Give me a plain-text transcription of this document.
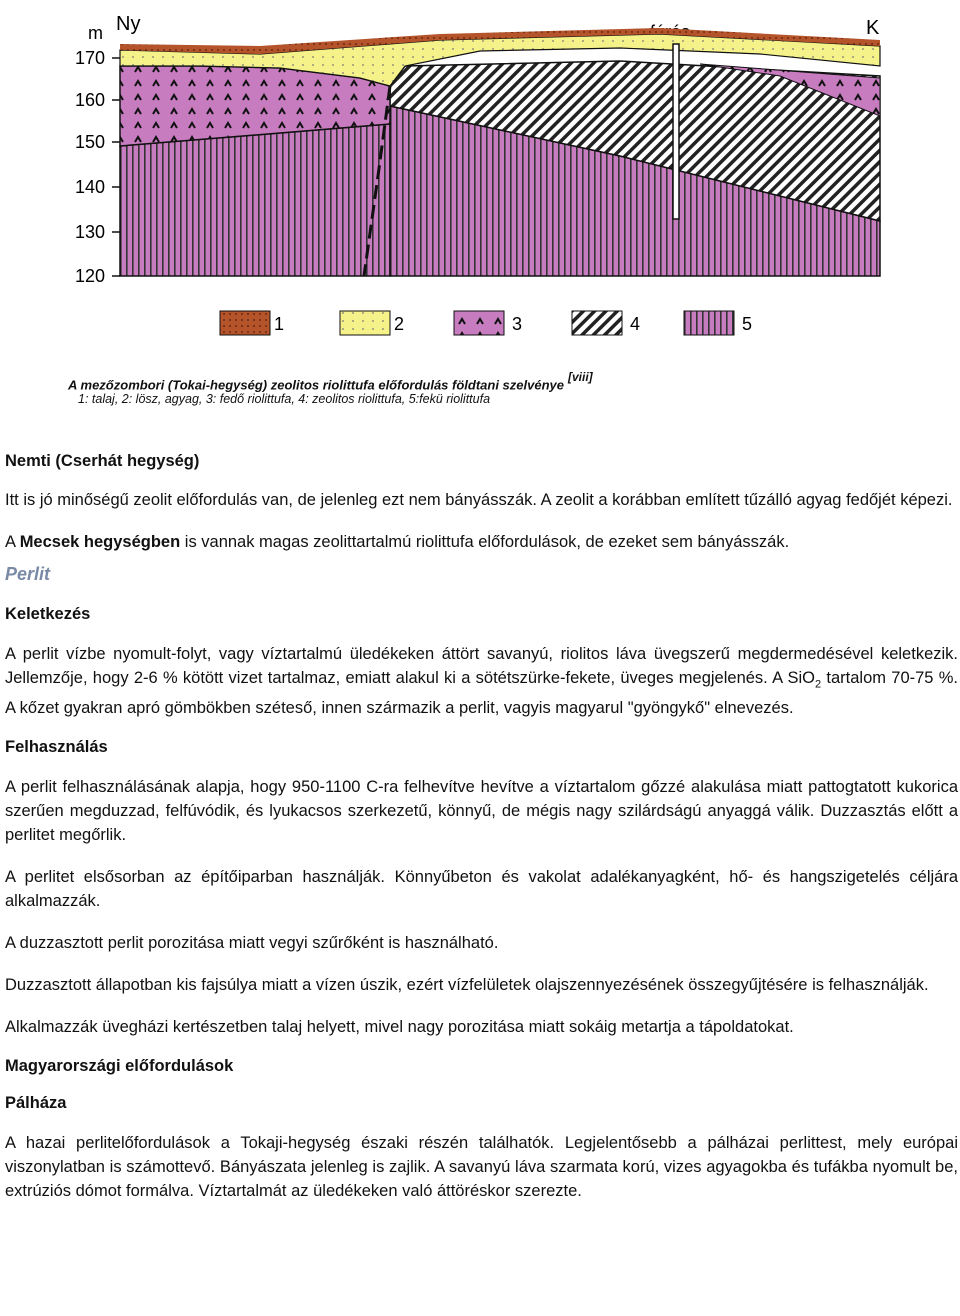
m Ny	K
170
160
150
140
130
120
1	2	3	4	5
A mezőzombori (Tokai-hegység) zeolitos riolittufa előfordulás földtani szelvénye[viii]
1: talaj, 2: lösz, agyag, 3: fedő riolittufa, 4: zeolitos riolittufa, 5:fekü riolittufa

Nemti (Cserhát hegység)

Itt is jó minőségű zeolit előfordulás van, de jelenleg ezt nem bányásszák. A zeolit a korábban említett tűzálló agyag fedőjét képezi.

A Mecsek hegységben is vannak magas zeolittartalmú riolittufa előfordulások, de ezeket sem bányásszák.

Perlit

Keletkezés

A perlit vízbe nyomult-folyt, vagy víztartalmú üledékeken áttört savanyú, riolitos láva üvegszerű megdermedésével keletkezik. Jellemzője, hogy 2-6 % kötött vizet tartalmaz, emiatt alakul ki a sötétszürke-fekete, üveges megjelenés. A SiO$_2$ tartalom 70-75 %. A kőzet gyakran apró gömbökben széteső, innen származik a perlit, vagyis magyarul "gyöngykő" elnevezés.

Felhasználás

A perlit felhasználásának alapja, hogy 950-1100 C-ra felhevítve hevítve a víztartalom gőzzé alakulása miatt pattogtatott kukorica szerűen megduzzad, felfúvódik, és lyukacsos szerkezetű, könnyű, de mégis nagy szilárdságú anyaggá válik. Duzzasztás előtt a perlitet megőrlik.

A perlitet elsősorban az építőiparban használják. Könnyűbeton és vakolat adalékanyagként, hő- és hangszigetelés céljára alkalmazzák.

A duzzasztott perlit porozitása miatt vegyi szűrőként is használható.

Duzzasztott állapotban kis fajsúlya miatt a vízen úszik, ezért vízfelületek olajszennyezésének összegyűjtésére is felhasználják.

Alkalmazzák üvegházi kertészetben talaj helyett, mivel nagy porozitása miatt sokáig metartja a tápoldatokat.

Magyarországi előfordulások

Pálháza

A hazai perlitelőfordulások a Tokaji-hegység északi részén találhatók. Legjelentősebb a pálházai perlittest, mely európai viszonylatban is számottevő. Bányászata jelenleg is zajlik. A savanyú láva szarmata korú, vizes agyagokba és tufákba nyomult be, extrúziós dómot formálva. Víztartalmát az üledékeken való áttöréskor szerezte.
